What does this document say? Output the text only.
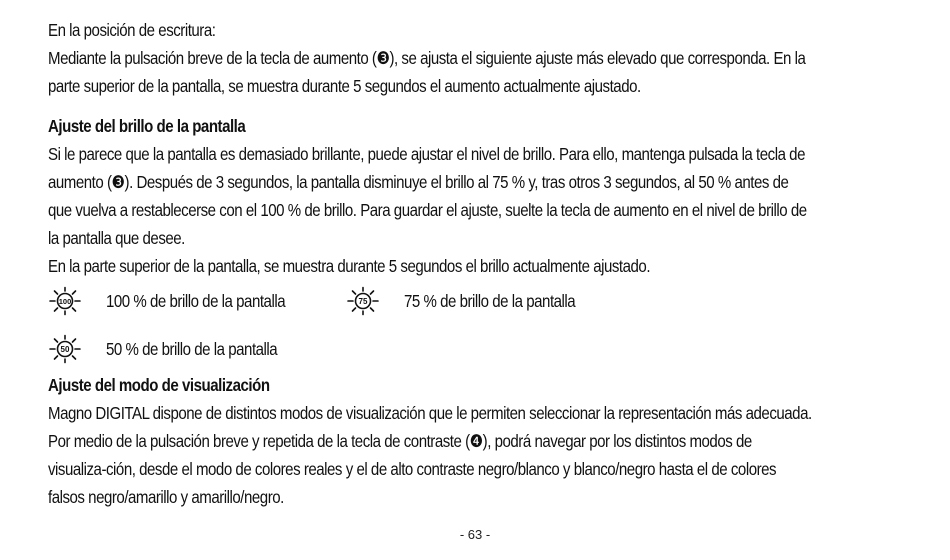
En la posición de escritura:

Mediante la pulsación breve de la tecla de aumento (❸), se ajusta el siguiente ajuste más elevado que corresponda. En la

parte superior de la pantalla, se muestra durante 5 segundos el aumento actualmente ajustado.

Ajuste del brillo de la pantalla

Si le parece que la pantalla es demasiado brillante, puede ajustar el nivel de brillo. Para ello, mantenga pulsada la tecla de

aumento (❸). Después de 3 segundos, la pantalla disminuye el brillo al 75 % y, tras otros 3 segundos, al 50 % antes de

que vuelva a restablecerse con el 100 % de brillo. Para guardar el ajuste, suelte la tecla de aumento en el nivel de brillo de

la pantalla que desee.

En la parte superior de la pantalla, se muestra durante 5 segundos el brillo actualmente ajustado.

100 100 % de brillo de la pantalla	75 75 % de brillo de la pantalla
50 50 % de brillo de la pantalla

Ajuste del modo de visualización

Magno DIGITAL dispone de distintos modos de visualización que le permiten seleccionar la representación más adecuada.

Por medio de la pulsación breve y repetida de la tecla de contraste (❹), podrá navegar por los distintos modos de

visualiza-ción, desde el modo de colores reales y el de alto contraste negro/blanco y blanco/negro hasta el de colores

falsos negro/amarillo y amarillo/negro.

- 63 -
